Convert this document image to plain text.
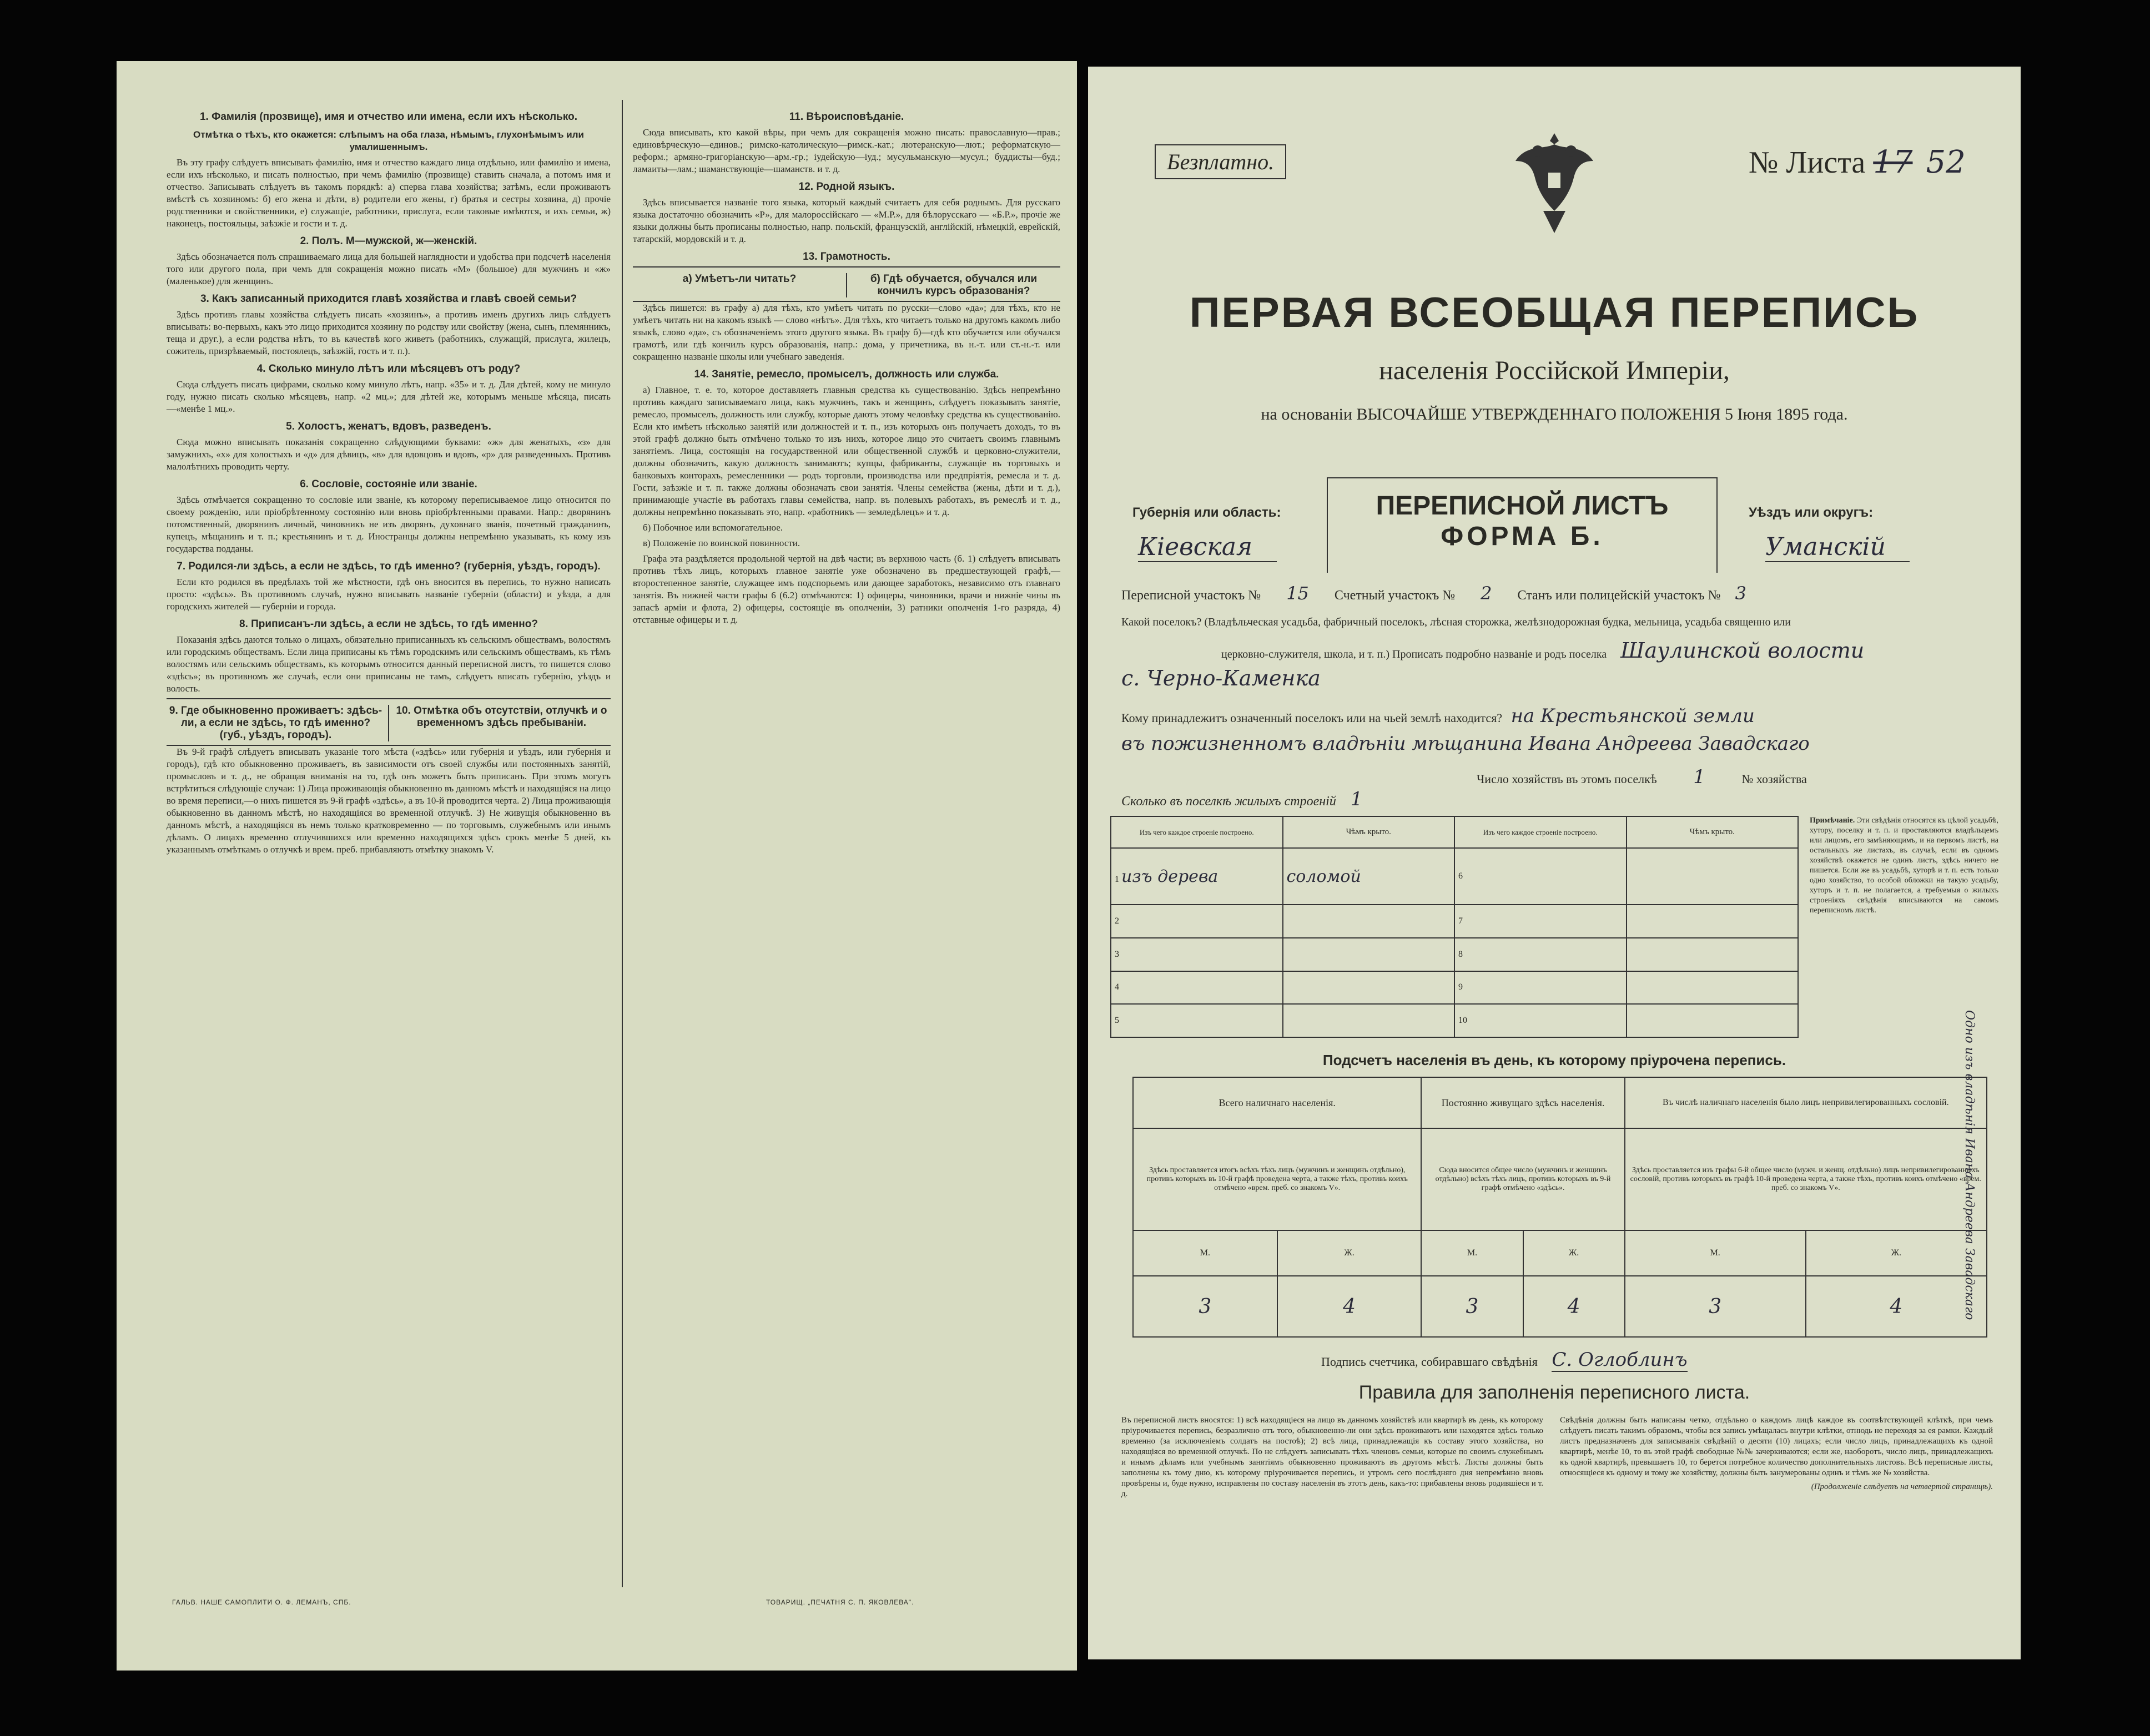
1. Фамилія (прозвище), имя и отчество или имена, если ихъ нѣсколько.
Отмѣтка о тѣхъ, кто окажется: слѣпымъ на оба глаза, нѣмымъ, глухонѣмымъ или умалишеннымъ.

Въ эту графу слѣдуетъ вписывать фамилію, имя и отчество каждаго лица отдѣльно, или фамилію и имена, если ихъ нѣсколько, и писать полностью, при чемъ фамилію (прозвище) ставить сначала, а потомъ имя и отчество. Записывать слѣдуетъ въ такомъ порядкѣ: а) сперва глава хозяйства; затѣмъ, если проживаютъ вмѣстѣ съ хозяиномъ: б) его жена и дѣти, в) родители его жены, г) братья и сестры хозяина, д) прочіе родственники и свойственники, е) служащіе, работники, прислуга, если таковые имѣются, и ихъ семьи, ж) наконецъ, постояльцы, заѣзжіе и гости и т. д.

2. Полъ. М—мужской, ж—женскій.

Здѣсь обозначается полъ спрашиваемаго лица для большей наглядности и удобства при подсчетѣ населенія того или другого пола, при чемъ для сокращенія можно писать «М» (большое) для мужчинъ и «ж» (маленькое) для женщинъ.

3. Какъ записанный приходится главѣ хозяйства и главѣ своей семьи?

Здѣсь противъ главы хозяйства слѣдуетъ писать «хозяинъ», а противъ именъ другихъ лицъ слѣдуетъ вписывать: во-первыхъ, какъ это лицо приходится хозяину по родству или свойству (жена, сынъ, племянникъ, теща и друг.), а если родства нѣтъ, то въ качествѣ кого живетъ (работникъ, служащій, прислуга, жилецъ, сожитель, призрѣваемый, постоялецъ, заѣзжій, гость и т. п.).

4. Сколько минуло лѣтъ или мѣсяцевъ отъ роду?

Сюда слѣдуетъ писать цифрами, сколько кому минуло лѣтъ, напр. «35» и т. д. Для дѣтей, кому не минуло году, нужно писать сколько мѣсяцевъ, напр. «2 мц.»; для дѣтей же, которымъ меньше мѣсяца, писать —«менѣе 1 мц.».

5. Холостъ, женатъ, вдовъ, разведенъ.

Сюда можно вписывать показанія сокращенно слѣдующими буквами: «ж» для женатыхъ, «з» для замужнихъ, «х» для холостыхъ и «д» для дѣвицъ, «в» для вдовцовъ и вдовъ, «р» для разведенныхъ. Противъ малолѣтнихъ проводить черту.

6. Сословіе, состояніе или званіе.

Здѣсь отмѣчается сокращенно то сословіе или званіе, къ которому переписываемое лицо относится по своему рожденію, или пріобрѣтенному состоянію или вновь пріобрѣтенными правами. Напр.: дворянинъ потомственный, дворянинъ личный, чиновникъ не изъ дворянъ, духовнаго званія, почетный гражданинъ, купецъ, мѣщанинъ и т. п.; крестьянинъ и т. д. Иностранцы должны непремѣнно указывать, къ кому изъ государства подданы.

7. Родился-ли здѣсь, а если не здѣсь, то гдѣ именно? (губернія, уѣздъ, городъ).

Если кто родился въ предѣлахъ той же мѣстности, гдѣ онъ вносится въ перепись, то нужно написать просто: «здѣсь». Въ противномъ случаѣ, нужно вписывать названіе губерніи (области) и уѣзда, а для городскихъ жителей — губерніи и города.

8. Приписанъ-ли здѣсь, а если не здѣсь, то гдѣ именно?

Показанія здѣсь даются только о лицахъ, обязательно приписанныхъ къ сельскимъ обществамъ, волостямъ или городскимъ обществамъ. Если лица приписаны къ тѣмъ городскимъ или сельскимъ обществамъ, къ тѣмъ волостямъ или сельскимъ обществамъ, къ которымъ относится данный переписной листъ, то пишется слово «здѣсь»; въ противномъ же случаѣ, если они приписаны не тамъ, слѣдуетъ вписать губернію, уѣздъ и волость.

9. Где обыкновенно проживаетъ: здѣсь-ли, а если не здѣсь, то гдѣ именно? (губ., уѣздъ, городъ).
10. Отмѣтка объ отсутствіи, отлучкѣ и о временномъ здѣсь пребываніи.

Въ 9-й графѣ слѣдуетъ вписывать указаніе того мѣста («здѣсь» или губернія и уѣздъ, или губернія и городъ), гдѣ кто обыкновенно проживаетъ, въ зависимости отъ своей службы или постоянныхъ занятій, промысловъ и т. д., не обращая вниманія на то, гдѣ онъ можетъ быть приписанъ. При этомъ могутъ встрѣтиться слѣдующіе случаи: 1) Лица проживающія обыкновенно въ данномъ мѣстѣ и находящіяся на лицо во время переписи,—о нихъ пишется въ 9-й графѣ «здѣсь», а въ 10-й проводится черта. 2) Лица проживающія обыкновенно въ данномъ мѣстѣ, но находящіяся во временной отлучкѣ. 3) Не живущія обыкновенно въ данномъ мѣстѣ, а находящіяся въ немъ только кратковременно — по торговымъ, служебнымъ или инымъ дѣламъ. О лицахъ временно отлучившихся или временно находящихся здѣсь срокъ менѣе 5 дней, къ указаннымъ отмѣткамъ о отлучкѣ и врем. преб. прибавляютъ отмѣтку знакомъ V.

11. Вѣроисповѣданіе.

Сюда вписывать, кто какой вѣры, при чемъ для сокращенія можно писать: православную—прав.; единовѣрческую—единов.; римско-католическую—римск.-кат.; лютеранскую—лют.; реформатскую—реформ.; армяно-григоріанскую—арм.-гр.; іудейскую—іуд.; мусульманскую—мусул.; буддисты—буд.; ламаиты—лам.; шаманствующіе—шаманств. и т. д.

12. Родной языкъ.

Здѣсь вписывается названіе того языка, который каждый считаетъ для себя роднымъ. Для русскаго языка достаточно обозначить «Р», для малороссійскаго — «М.Р.», для бѣлорусскаго — «Б.Р.», прочіе же языки должны быть прописаны полностью, напр. польскій, французскій, англійскій, нѣмецкій, еврейскій, татарскій, мордовскій и т. д.

13. Грамотность.
а) Умѣетъ-ли читать?	б) Гдѣ обучается, обучался или кончилъ курсъ образованія?

Здѣсь пишется: въ графу а) для тѣхъ, кто умѣетъ читать по русски—слово «да»; для тѣхъ, кто не умѣетъ читать ни на какомъ языкѣ — слово «нѣтъ». Для тѣхъ, кто читаетъ только на другомъ какомъ либо языкѣ, слово «да», съ обозначеніемъ этого другого языка. Въ графу б)—гдѣ кто обучается или обучался грамотѣ, или гдѣ кончилъ курсъ образованія, напр.: дома, у причетника, въ н.-т. или ст.-н.-т. или сокращенно названіе школы или учебнаго заведенія.

14. Занятіе, ремесло, промыселъ, должность или служба.

а) Главное, т. е. то, которое доставляетъ главныя средства къ существованію. Здѣсь непремѣнно противъ каждаго записываемаго лица, какъ мужчинъ, такъ и женщинъ, слѣдуетъ показывать занятіе, ремесло, промыселъ, должность или службу, которые даютъ этому человѣку средства къ существованію. Если кто имѣетъ нѣсколько занятій или должностей и т. п., изъ которыхъ онъ получаетъ доходъ, то въ этой графѣ должно быть отмѣчено только то изъ нихъ, которое лицо это считаетъ своимъ главнымъ занятіемъ. Лица, состоящія на государственной или общественной службѣ и церковно-служители, должны обозначить, какую должность занимаютъ; купцы, фабриканты, служащіе въ торговыхъ и банковыхъ конторахъ, ремесленники — родъ торговли, производства или предпріятія, ремесла и т. д. Гости, заѣзжіе и т. п. также должны обозначать свои занятія. Члены семейства (жены, дѣти и т. д.), принимающіе участіе въ работахъ главы семейства, напр. въ полевыхъ работахъ, въ ремеслѣ и т. д., должны непремѣнно показывать это, напр. «работникъ — земледѣлецъ» и т. д.

б) Побочное или вспомогательное.

в) Положеніе по воинской повинности.

Графа эта раздѣляется продольной чертой на двѣ части; въ верхнюю часть (б. 1) слѣдуетъ вписывать противъ тѣхъ лицъ, которыхъ главное занятіе уже обозначено въ предшествующей графѣ,—второстепенное занятіе, служащее имъ подспорьемъ или дающее заработокъ, независимо отъ главнаго занятія. Въ нижней части графы 6 (6.2) отмѣчаются: 1) офицеры, чиновники, врачи и нижніе чины въ запасѣ арміи и флота, 2) офицеры, состоящіе въ ополченіи, 3) ратники ополченія 1-го разряда, 4) отставные офицеры и т. д.

ГАЛЬВ. НАШЕ САМОПЛИТИ О. Ф. ЛЕМАНЪ, СПБ.	ТОВАРИЩ. „ПЕЧАТНЯ С. П. ЯКОВЛЕВА".
Безплатно.	№ Листа 17 52
ПЕРВАЯ ВСЕОБЩАЯ ПЕРЕПИСЬ
населенія Россійской Имперіи,
на основаніи ВЫСОЧАЙШЕ УТВЕРЖДЕННАГО ПОЛОЖЕНІЯ 5 Іюня 1895 года.
Губернія или область:
Кіевская
ПЕРЕПИСНОЙ ЛИСТЪ
ФОРМА Б.
Уѣздъ или округъ:
Уманскій
Переписной участокъ № 15 Счетный участокъ № 2 Станъ или полицейскій участокъ № 3
Какой поселокъ? (Владѣльческая усадьба, фабричный поселокъ, лѣсная сторожка, желѣзнодорожная будка, мельница, усадьба священно или
церковно-служителя, школа, и т. п.) Прописать подробно названіе и родъ поселка Шаулинской волости
с. Черно-Каменка
Кому принадлежитъ означенный поселокъ или на чьей землѣ находится? на Крестьянской земли
въ пожизненномъ владѣніи мѣщанина Ивана Андреева Завадскаго
Число хозяйствъ въ этомъ поселкѣ 1	№ хозяйства
Сколько въ поселкѣ жилыхъ строеній 1
Изъ чего каждое строеніе построено.	Чѣмъ крыто.	Изъ чего каждое строеніе построено.	Чѣмъ крыто.
1 изъ дерева	соломой	6	
2		7	
3		8	
4		9	
5		10	
Примѣчаніе. Эти свѣдѣнія относятся къ цѣлой усадьбѣ, хутору, поселку и т. п. и проставляются владѣльцемъ или лицомъ, его замѣняющимъ, и на первомъ листѣ, на остальныхъ же листахъ, въ случаѣ, если въ одномъ хозяйствѣ окажется не одинъ листъ, здѣсь ничего не пишется. Если же въ усадьбѣ, хуторѣ и т. п. есть только одно хозяйство, то особой обложки на такую усадьбу, хуторъ и т. п. не полагается, а требуемыя о жилыхъ строеніяхъ свѣдѣнія вписываются на самомъ переписномъ листѣ.
Подсчетъ населенія въ день, къ которому пріурочена перепись.
Всего наличнаго населенія.		Постоянно живущаго здѣсь населенія.		Въ числѣ наличнаго населенія было лицъ непривилегированныхъ сословій.	
Здѣсь проставляется итогъ всѣхъ тѣхъ лицъ (мужчинъ и женщинъ отдѣльно), противъ которыхъ въ 10-й графѣ проведена черта, а также тѣхъ, противъ коихъ отмѣчено «врем. преб. со знакомъ V».		Сюда вносится общее число (мужчинъ и женщинъ отдѣльно) всѣхъ тѣхъ лицъ, противъ которыхъ въ 9-й графѣ отмѣчено «здѣсь».		Здѣсь проставляется изъ графы 6-й общее число (мужч. и женщ. отдѣльно) лицъ непривилегированныхъ сословій, противъ которыхъ въ графѣ 10-й проведена черта, а также тѣхъ, противъ коихъ отмѣчено «врем. преб. со знакомъ V».	
М.	Ж.	М.	Ж.	М.	Ж.
3	4	3	4	3	4
Подпись счетчика, собиравшаго свѣдѣнія С. Оглоблинъ
Правила для заполненія переписного листа.
Въ переписной листъ вносятся: 1) всѣ находящіеся на лицо въ данномъ хозяйствѣ или квартирѣ въ день, къ которому пріурочивается перепись, безразлично отъ того, обыкновенно-ли они здѣсь проживаютъ или находятся здѣсь только временно (за исключеніемъ солдатъ на постоѣ); 2) всѣ лица, принадлежащія къ составу этого хозяйства, но находящіяся во временной отлучкѣ. По не слѣдуетъ записывать тѣхъ членовъ семьи, которые по своимъ служебнымъ и инымъ дѣламъ или учебнымъ занятіямъ обыкновенно проживаютъ въ другомъ мѣстѣ. Листы должны быть заполнены къ тому дню, къ которому пріурочивается перепись, и утромъ сего послѣдняго дня непремѣнно вновь провѣрены и, буде нужно, исправлены по составу населенія въ этотъ день, какъ-то: прибавлены вновь родившіеся и т. д.
Свѣдѣнія должны быть написаны четко, отдѣльно о каждомъ лицѣ каждое въ соотвѣтствующей клѣткѣ, при чемъ слѣдуетъ писать такимъ образомъ, чтобы вся запись умѣщалась внутри клѣтки, отнюдь не переходя за ея рамки. Каждый листъ предназначенъ для записыванія свѣдѣній о десяти (10) лицахъ; если число лицъ, принадлежащихъ къ одной квартирѣ, менѣе 10, то въ этой графѣ свободные №№ зачеркиваются; если же, наоборотъ, число лицъ, принадлежащихъ къ одной квартирѣ, превышаетъ 10, то берется потребное количество дополнительныхъ листовъ. Всѣ переписные листы, относящіеся къ одному и тому же хозяйству, должны быть занумерованы одинъ и тѣмъ же № хозяйства.
(Продолженіе слѣдуетъ на четвертой страницѣ).
Одно изъ владѣнія Ивана Андреева Завадскаго
